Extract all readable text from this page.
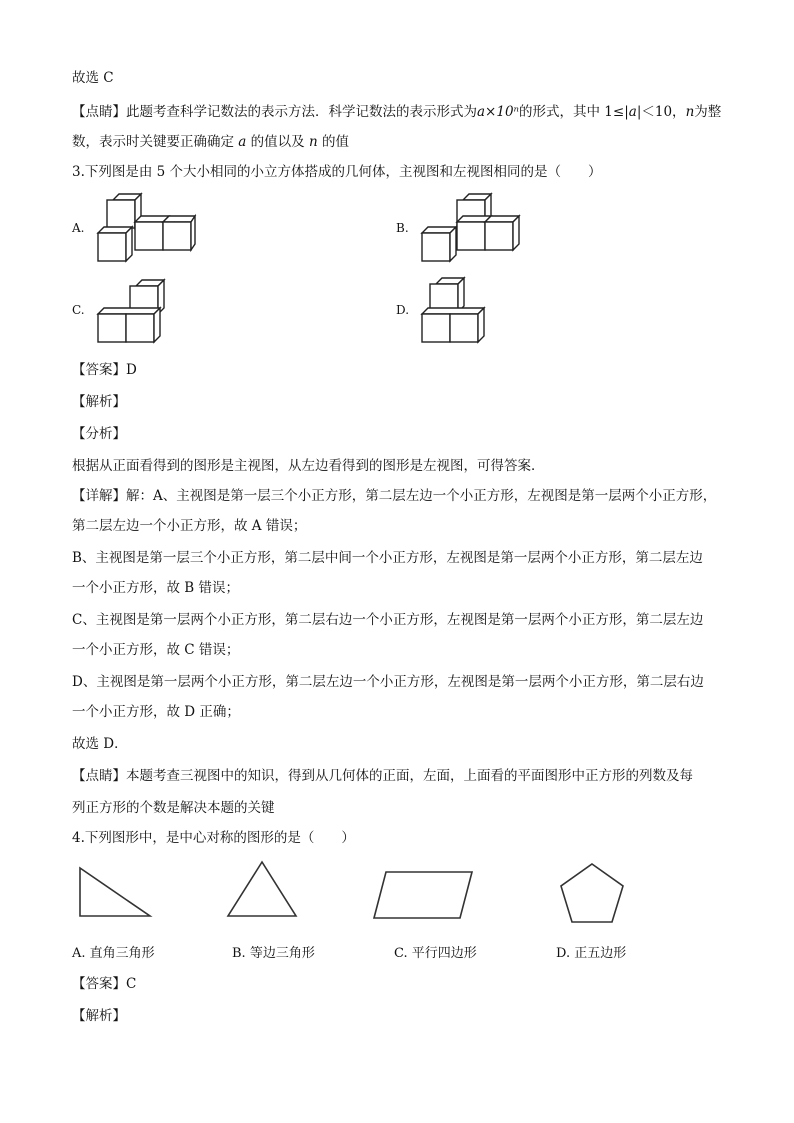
故选 C
【点睛】此题考查科学记数法的表示方法．科学记数法的表示形式为a×10ⁿ的形式，其中 1≤|a|＜10，n为整
数，表示时关键要正确确定 a 的值以及 n 的值
3.下列图是由 5 个大小相同的小立方体搭成的几何体，主视图和左视图相同的是（　　）
A.	B.
C.	D.
【答案】D
【解析】
【分析】
根据从正面看得到的图形是主视图，从左边看得到的图形是左视图，可得答案．
【详解】解：A、主视图是第一层三个小正方形，第二层左边一个小正方形，左视图是第一层两个小正方形，
第二层左边一个小正方形，故 A 错误；
B、主视图是第一层三个小正方形，第二层中间一个小正方形，左视图是第一层两个小正方形，第二层左边
一个小正方形，故 B 错误；
C、主视图是第一层两个小正方形，第二层右边一个小正方形，左视图是第一层两个小正方形，第二层左边
一个小正方形，故 C 错误；
D、主视图是第一层两个小正方形，第二层左边一个小正方形，左视图是第一层两个小正方形，第二层右边
一个小正方形，故 D 正确；
故选 D．
【点睛】本题考查三视图中的知识，得到从几何体的正面，左面，上面看的平面图形中正方形的列数及每
列正方形的个数是解决本题的关键
4.下列图形中，是中心对称的图形的是（　　）
A. 直角三角形	B. 等边三角形	C. 平行四边形	D. 正五边形
【答案】C
【解析】
